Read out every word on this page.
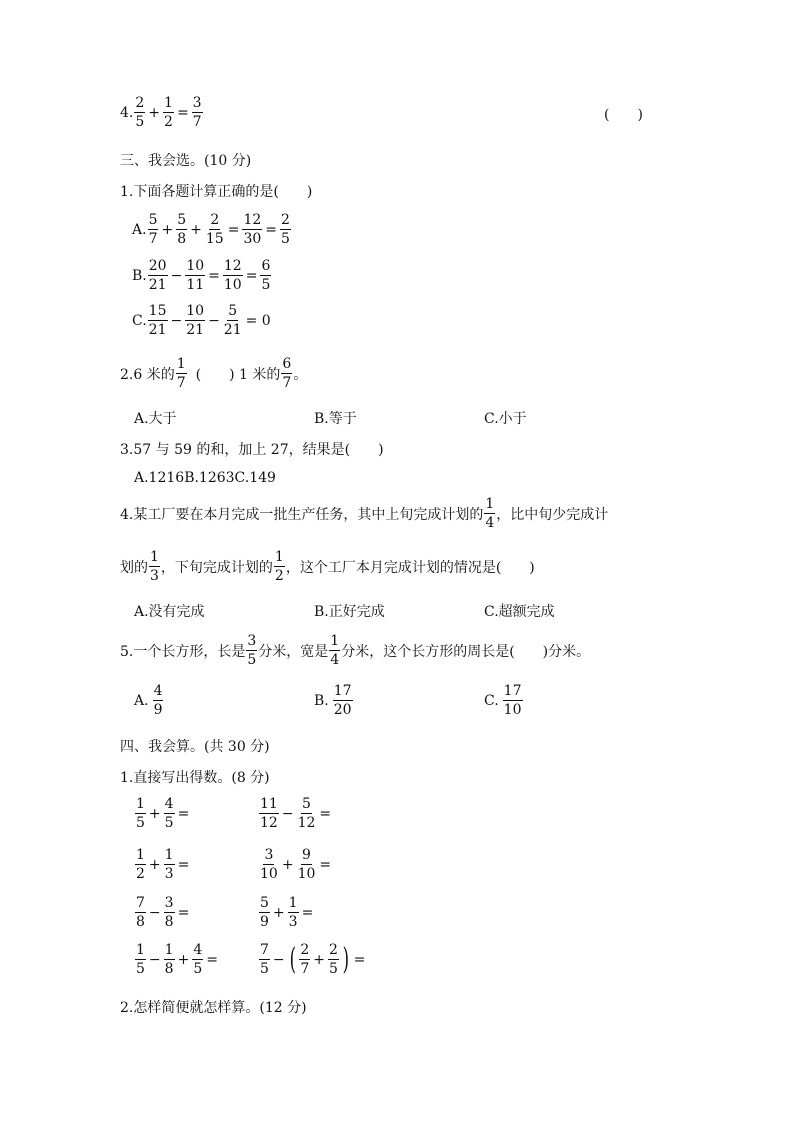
4. $\frac{2}{5} + \frac{1}{2} = \frac{3}{7}$	(　　)
三、我会选。(10 分)
1.下面各题计算正确的是(　　)
A. $\frac{5}{7} + \frac{5}{8} + \frac{2}{15} = \frac{12}{30} = \frac{2}{5}$
B. $\frac{20}{21} - \frac{10}{11} = \frac{12}{10} = \frac{6}{5}$
C. $\frac{15}{21} - \frac{10}{21} - \frac{5}{21} = 0$
2.6 米的 $\frac{1}{7}$ (　　) 1 米的 $\frac{6}{7}$ 。
A.大于	B.等于	C.小于
3.57 与 59 的和，加上 27，结果是(　　)
A.1216B.1263C.149
4.某工厂要在本月完成一批生产任务，其中上旬完成计划的 $\frac{1}{4}$ ，比中旬少完成计
划的 $\frac{1}{3}$ ，下旬完成计划的 $\frac{1}{2}$ ，这个工厂本月完成计划的情况是(　　)
A.没有完成	B.正好完成	C.超额完成
5.一个长方形，长是 $\frac{3}{5}$ 分米，宽是 $\frac{1}{4}$ 分米，这个长方形的周长是(　　)分米。
A. $\frac{4}{9}$	B. $\frac{17}{20}$	C. $\frac{17}{10}$
四、我会算。(共 30 分)
1.直接写出得数。(8 分)
$\frac{1}{5} + \frac{4}{5}$ =	$\frac{11}{12} - \frac{5}{12}$ =
$\frac{1}{2} + \frac{1}{3}$ =	$\frac{3}{10} + \frac{9}{10}$ =
$\frac{7}{8} - \frac{3}{8}$ =	$\frac{5}{9} + \frac{1}{3}$ =
$\frac{1}{5} - \frac{1}{8} + \frac{4}{5}$ =	$\frac{7}{5}$ − ( $\frac{2}{7} + \frac{2}{5}$ ) =
2.怎样简便就怎样算。(12 分)
